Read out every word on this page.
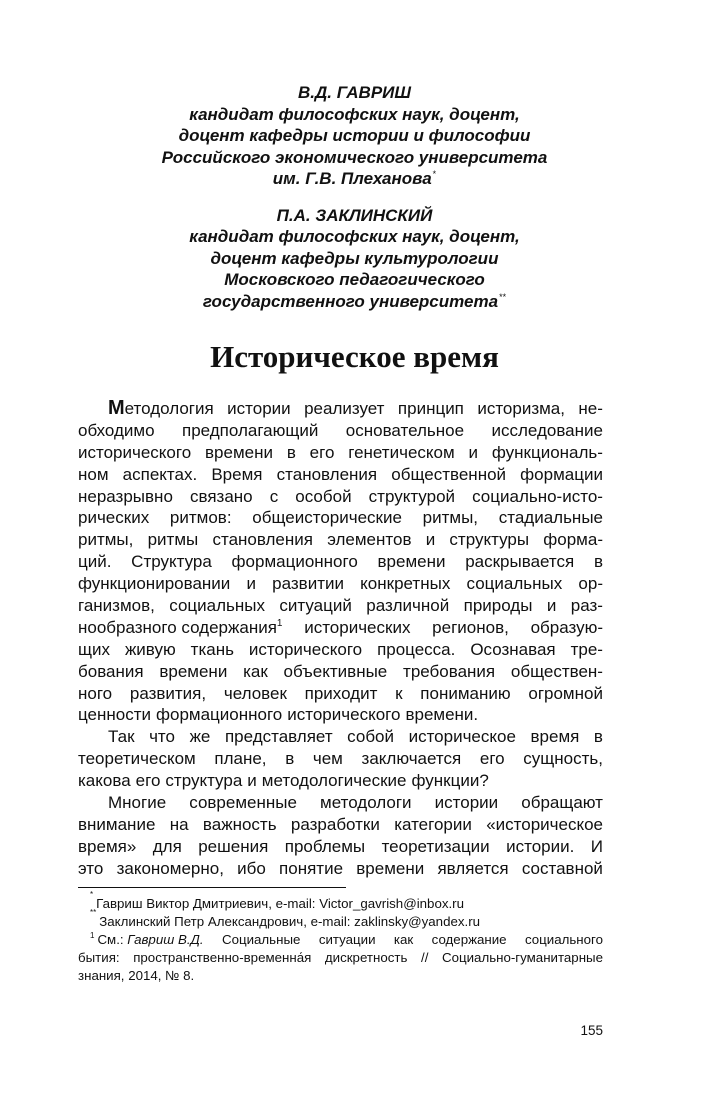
В.Д. ГАВРИШ
кандидат философских наук, доцент,
доцент кафедры истории и философии
Российского экономического университета
им. Г.В. Плеханова*
П.А. ЗАКЛИНСКИЙ
кандидат философских наук, доцент,
доцент кафедры культурологии
Московского педагогического
государственного университета**
Историческое время
Методология истории реализует принцип историзма, не-
обходимо предполагающий основательное исследование
исторического времени в его генетическом и функциональ-
ном аспектах. Время становления общественной формации
неразрывно связано с особой структурой социально-исто-
рических ритмов: общеисторические ритмы, стадиальные
ритмы, ритмы становления элементов и структуры форма-
ций. Структура формационного времени раскрывается в
функционировании и развитии конкретных социальных ор-
ганизмов, социальных ситуаций различной природы и раз-
нообразного содержания$^1$ исторических регионов, образую-
щих живую ткань исторического процесса. Осознавая тре-
бования времени как объективные требования обществен-
ного развития, человек приходит к пониманию огромной
ценности формационного исторического времени.
Так что же представляет собой историческое время в
теоретическом плане, в чем заключается его сущность,
какова его структура и методологические функции?
Многие современные методологи истории обращают
внимание на важность разработки категории «историческое
время» для решения проблемы теоретизации истории. И
это закономерно, ибо понятие времени является составной
*
Гавриш Виктор Дмитриевич, e-mail: Victor_gavrish@inbox.ru
**
Заклинский Петр Александрович, e-mail: zaklinsky@yandex.ru
$^1$ См.: Гавриш В.Д. Социальные ситуации как содержание социального
бытия: пространственно-временна́я дискретность // Социально-гуманитарные
знания, 2014, № 8.
155
